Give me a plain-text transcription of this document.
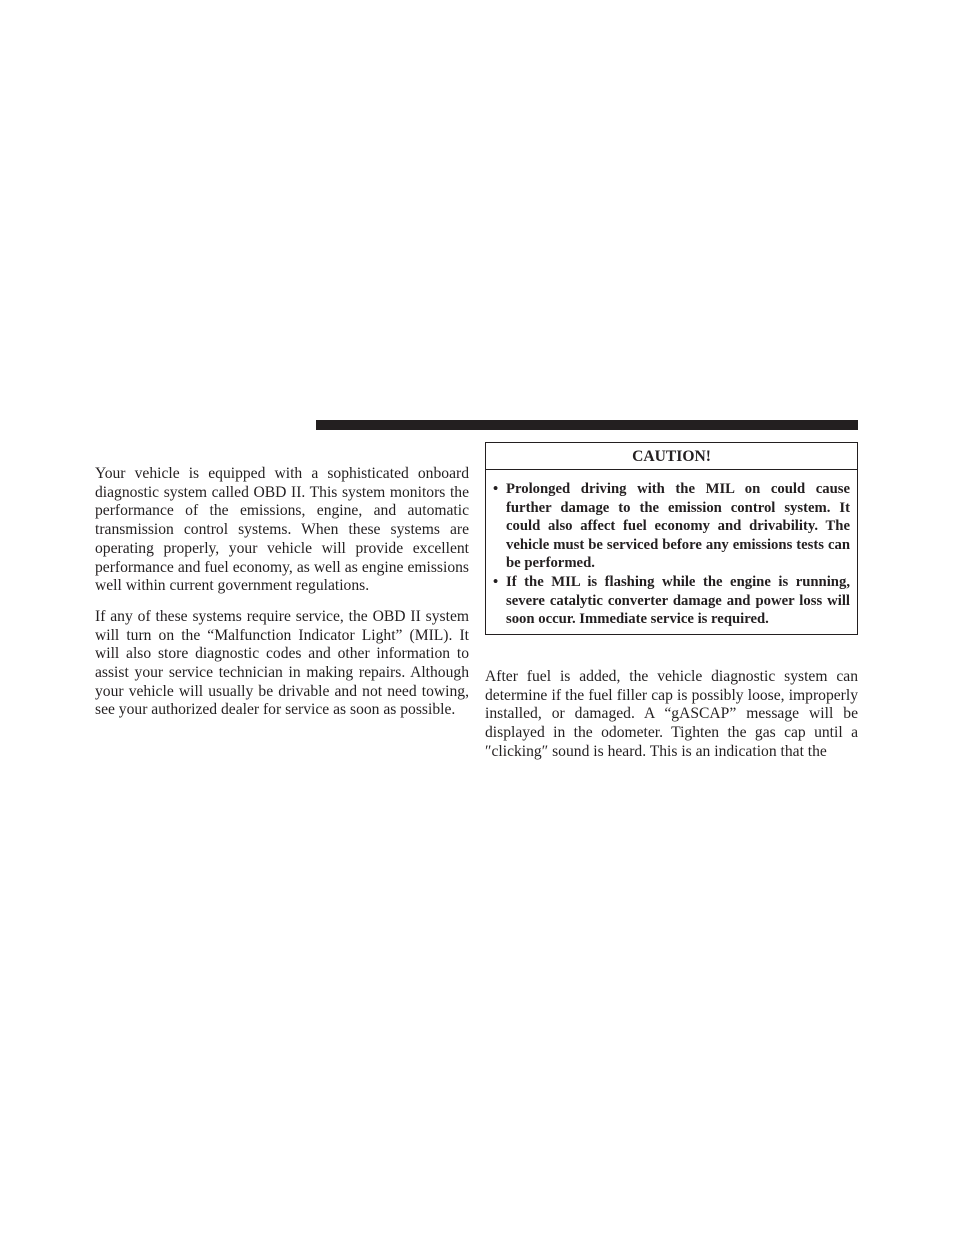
Your vehicle is equipped with a sophisticated onboard diagnostic system called OBD II. This system monitors the performance of the emissions, engine, and automatic transmission control systems. When these systems are operating properly, your vehicle will provide excellent performance and fuel economy, as well as engine emissions well within current government regulations.

If any of these systems require service, the OBD II system will turn on the “Malfunction Indicator Light” (MIL). It will also store diagnostic codes and other information to assist your service technician in making repairs. Although your vehicle will usually be drivable and not need towing, see your authorized dealer for service as soon as possible.

CAUTION!
• Prolonged driving with the MIL on could cause further damage to the emission control system. It could also affect fuel economy and drivability. The vehicle must be serviced before any emissions tests can be performed.
• If the MIL is flashing while the engine is running, severe catalytic converter damage and power loss will soon occur. Immediate service is required.

After fuel is added, the vehicle diagnostic system can determine if the fuel filler cap is possibly loose, improperly installed, or damaged. A “gASCAP” message will be displayed in the odometer. Tighten the gas cap until a ″clicking″ sound is heard. This is an indication that the
